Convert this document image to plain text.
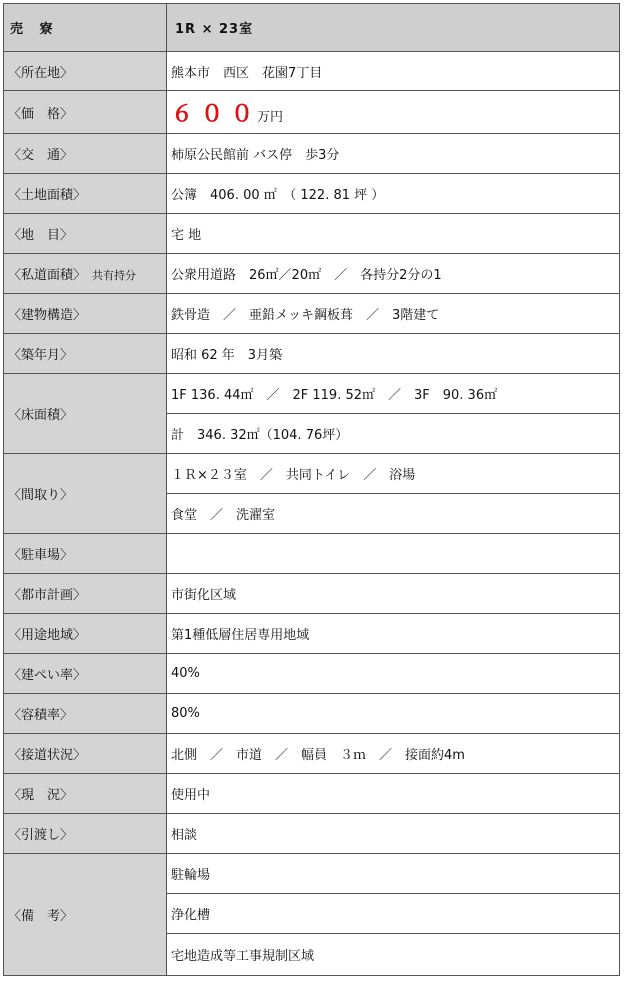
売 寮	1R × 23室
〈所在地〉	熊本市　西区　花園7丁目
〈価　格〉	６００万円
〈交　通〉	柿原公民館前 バス停　歩3分
〈土地面積〉	公簿　406. 00 ㎡　（ 122. 81 坪 ）
〈地　目〉	宅 地
〈私道面積〉 共有持分	公衆用道路　26㎡／20㎡　／　各持分2分の1
〈建物構造〉	鉄骨造　／　亜鉛メッキ鋼板葺　／　3階建て
〈築年月〉	昭和 62 年　3月築
〈床面積〉	1F 136. 44㎡　／　2F 119. 52㎡　／　3F　90. 36㎡
	計　346. 32㎡（104. 76坪）
〈間取り〉	１Ｒ×２３室　／　共同トイレ　／　浴場
	食堂　／　洗濯室
〈駐車場〉	
〈都市計画〉	市街化区域
〈用途地域〉	第1種低層住居専用地域
〈建ぺい率〉	40%
〈容積率〉	80%
〈接道状況〉	北側　／　市道　／　幅員　３ｍ　／　接面約4m
〈現　況〉	使用中
〈引渡し〉	相談
〈備　考〉	駐輪場
	浄化槽
	宅地造成等工事規制区域
